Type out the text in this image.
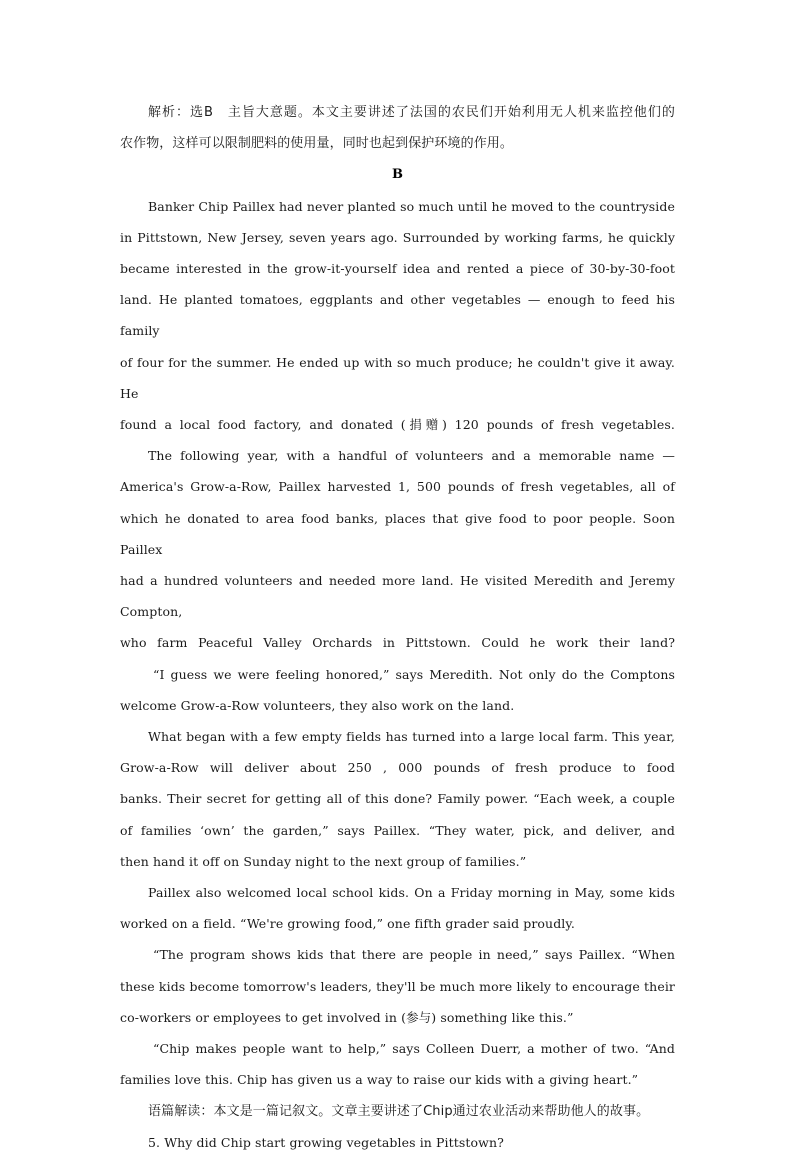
解析：选B　主旨大意题。本文主要讲述了法国的农民们开始利用无人机来监控他们的

农作物，这样可以限制肥料的使用量，同时也起到保护环境的作用。

B

Banker Chip Paillex had never planted so much until he moved to the countryside

in Pittstown, New Jersey, seven years ago. Surrounded by working farms, he quickly

became interested in the grow-it-yourself idea and rented a piece of 30-by-30-foot

land. He planted tomatoes, eggplants and other vegetables — enough to feed his family

of four for the summer. He ended up with so much produce; he couldn't give it away. He

found a local food factory, and donated (捐赠) 120 pounds of fresh vegetables.

The following year, with a handful of volunteers and a memorable name —

America's Grow-a-Row, Paillex harvested 1, 500 pounds of fresh vegetables, all of

which he donated to area food banks, places that give food to poor people. Soon Paillex

had a hundred volunteers and needed more land. He visited Meredith and Jeremy Compton,

who farm Peaceful Valley Orchards in Pittstown. Could he work their land?

“I guess we were feeling honored,” says Meredith. Not only do the Comptons

welcome Grow-a-Row volunteers, they also work on the land.

What began with a few empty fields has turned into a large local farm. This year,

Grow-a-Row will deliver about 250 , 000 pounds of fresh produce to food

banks. Their secret for getting all of this done? Family power. “Each week, a couple

of families ‘own’ the garden,” says Paillex. “They water, pick, and deliver, and

then hand it off on Sunday night to the next group of families.”

Paillex also welcomed local school kids. On a Friday morning in May, some kids

worked on a field. “We're growing food,” one fifth grader said proudly.

“The program shows kids that there are people in need,” says Paillex. “When

these kids become tomorrow's leaders, they'll be much more likely to encourage their

co-workers or employees to get involved in (参与) something like this.”

“Chip makes people want to help,” says Colleen Duerr, a mother of two. “And

families love this. Chip has given us a way to raise our kids with a giving heart.”

语篇解读：本文是一篇记叙文。文章主要讲述了Chip通过农业活动来帮助他人的故事。

5. Why did Chip start growing vegetables in Pittstown?
